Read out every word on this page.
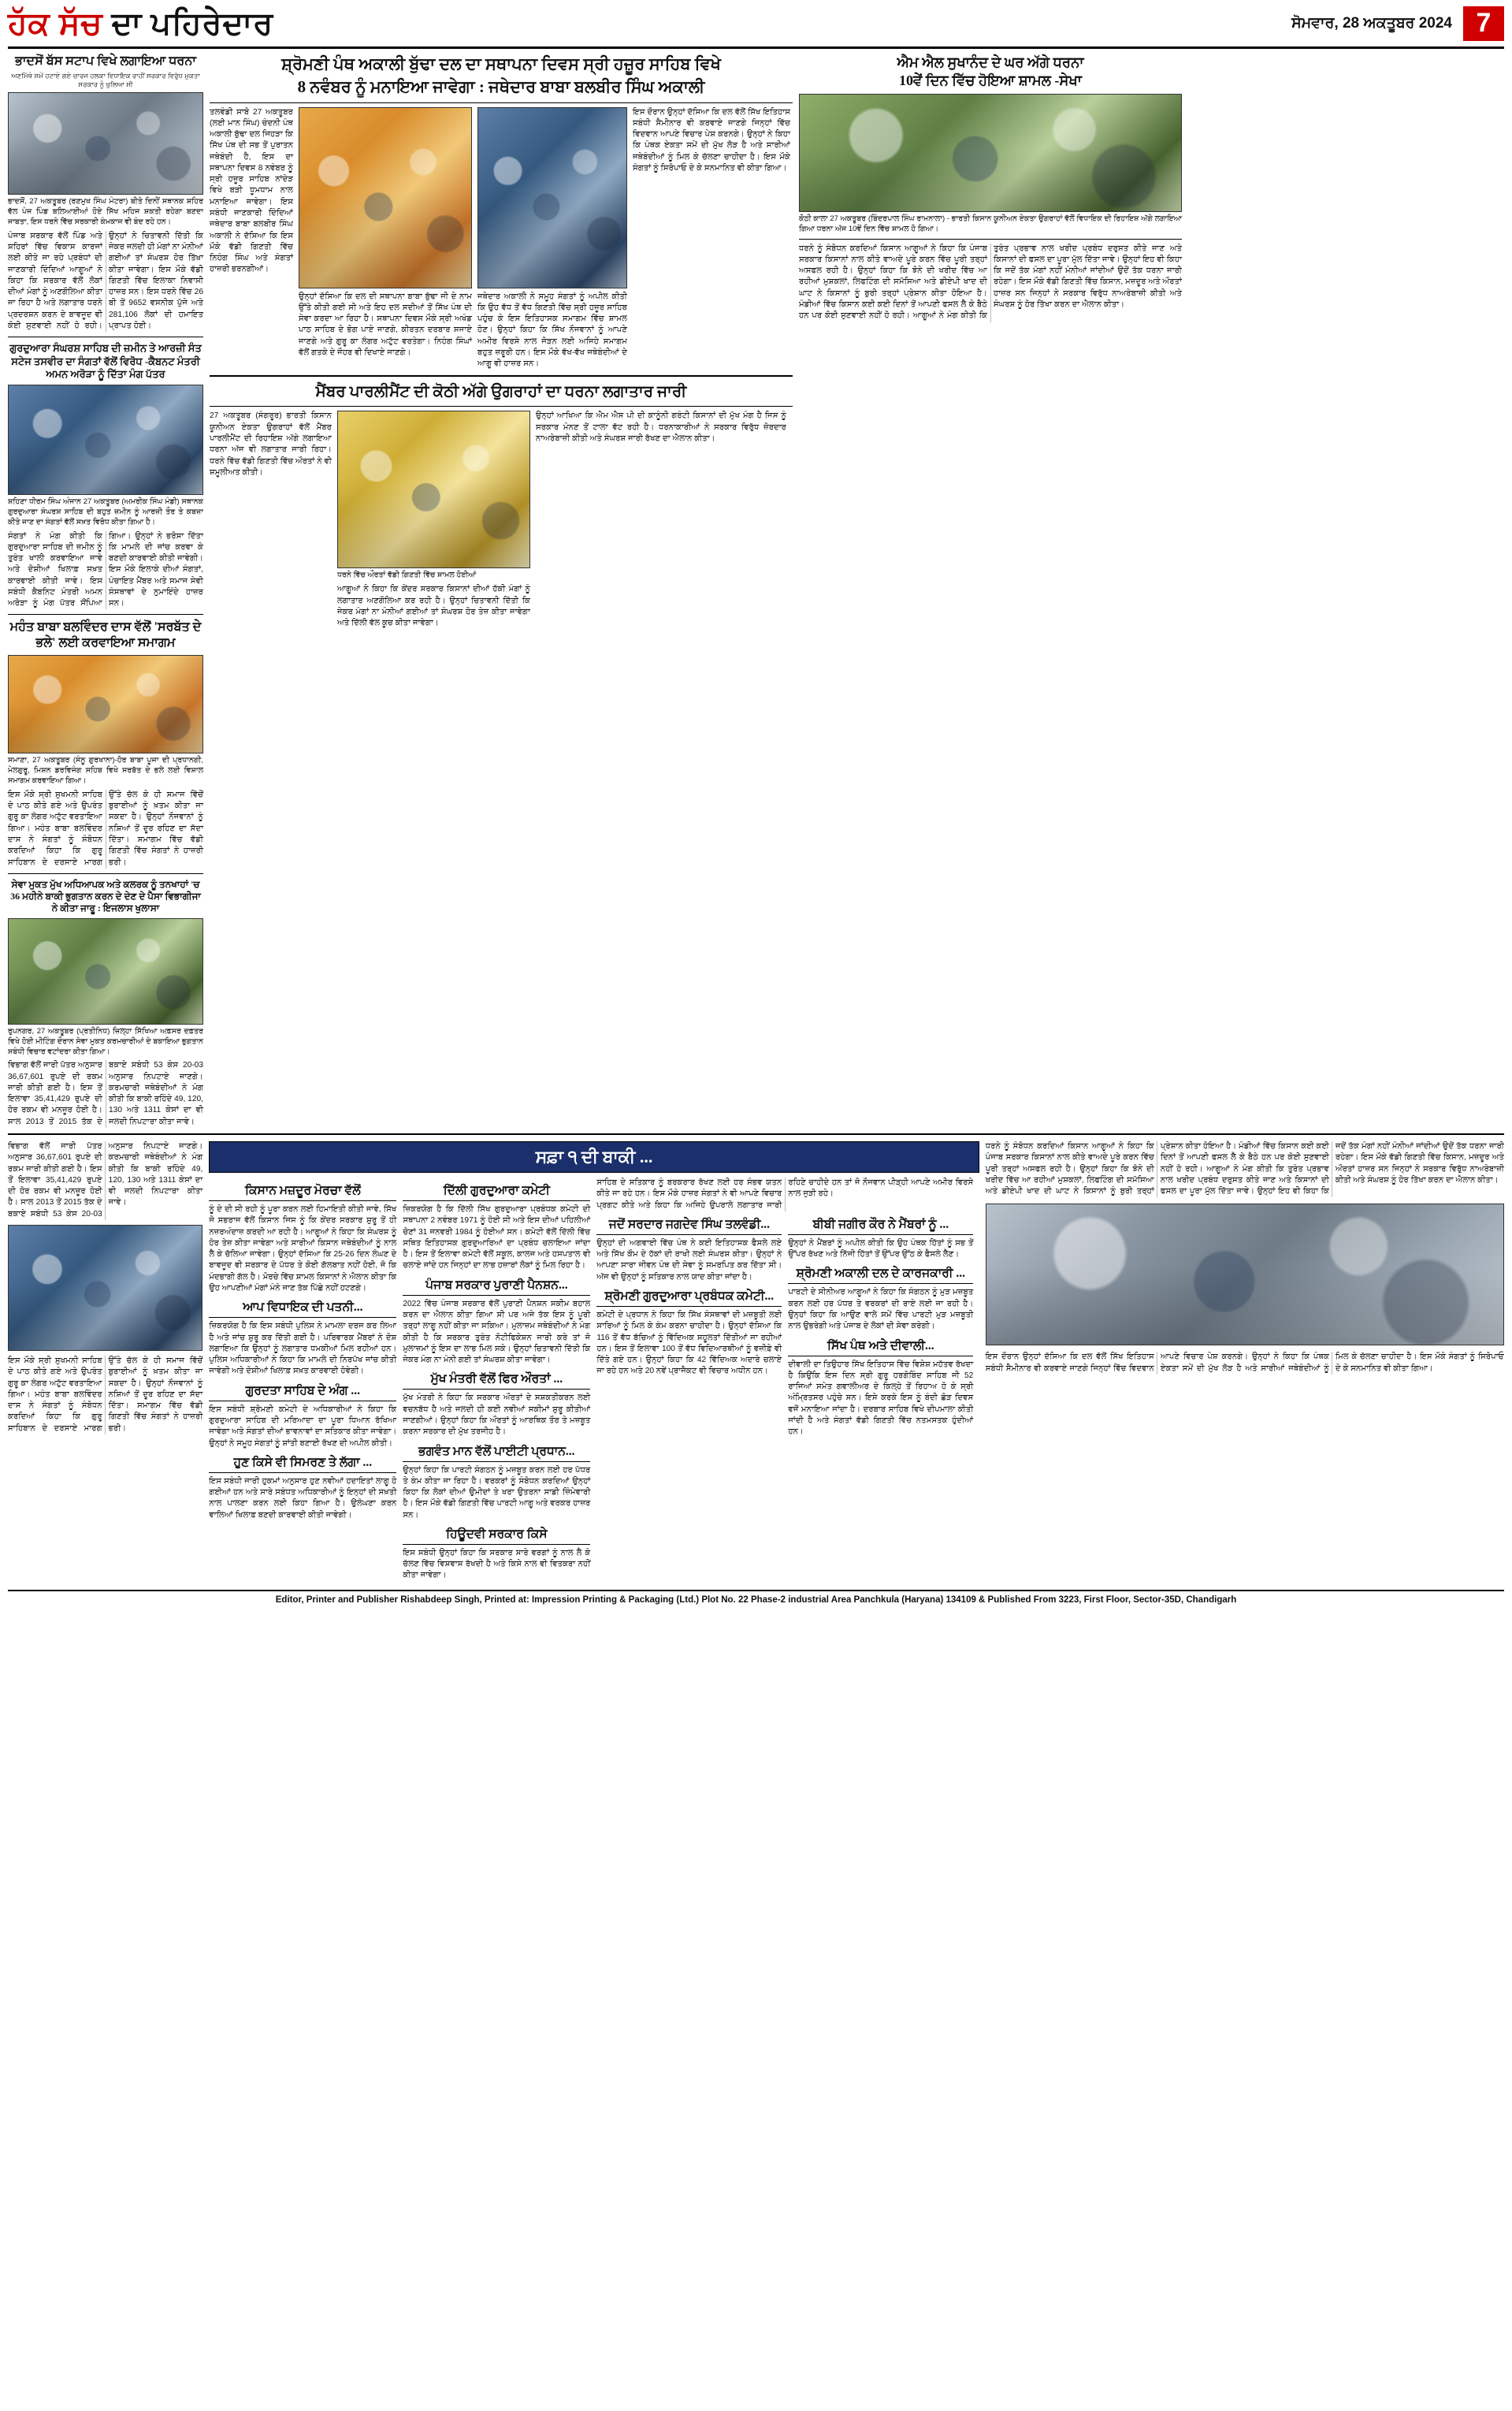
ਹੱਕ ਸੱਚ ਦਾ ਪਹਿਰੇਦਾਰ	ਸੋਮਵਾਰ, 28 ਅਕਤੂਬਰ 2024 7
ਭਾਦਸੋਂ ਬੱਸ ਸਟਾਪ ਵਿਖੇ ਲਗਾਇਆ ਧਰਨਾ
ਅਣਮਿੱਥੇ ਸਮੇਂ ਹਟਾਏ ਗਏ ਚਾਰਜ ਹਲਕਾ ਵਿਧਾਇਕ ਰਾਹੀਂ ਸਰਕਾਰ ਵਿਰੁੱਧ ਮੁਕਤਾ ਸਰਕਾਰ ਨੂੰ ਖੁਲਿਆ ਸੀ
ਭਾਦਸੋਂ, 27 ਅਕਤੂਬਰ (ਰਣਮੁਖ ਸਿੰਘ ਮੰਟਰਾ) ਬੀਤੇ ਦਿਨੀਂ ਸਥਾਨਕ ਸ਼ਹਿਰ ਵੱਲ ਪੰਜ ਪਿੰਡ ਬਲਿਆਈਆਂ ਹੋਏ ਸਿੱਖ ਮਹਿਜ ਸ਼ਕਤੀ ਰਹੇਗਾ ਬਣਦਾ ਜਾਬਤਾ, ਇਸ ਧਰਨੇ ਵਿੱਚ ਸਰਕਾਰੀ ਕੰਮਕਾਜ ਵੀ ਬੰਦ ਰਹੇ ਹਨ।
ਪੰਜਾਬ ਸਰਕਾਰ ਵੱਲੋਂ ਪਿੰਡ ਅਤੇ ਸ਼ਹਿਰਾਂ ਵਿੱਚ ਵਿਕਾਸ ਕਾਰਜਾਂ ਲਈ ਕੀਤੇ ਜਾ ਰਹੇ ਪ੍ਰਬੰਧਾਂ ਦੀ ਜਾਣਕਾਰੀ ਦਿੰਦਿਆਂ ਆਗੂਆਂ ਨੇ ਕਿਹਾ ਕਿ ਸਰਕਾਰ ਵੱਲੋਂ ਲੋਕਾਂ ਦੀਆਂ ਮੰਗਾਂ ਨੂੰ ਅਣਗੌਲਿਆ ਕੀਤਾ ਜਾ ਰਿਹਾ ਹੈ ਅਤੇ ਲਗਾਤਾਰ ਧਰਨੇ ਪ੍ਰਦਰਸ਼ਨ ਕਰਨ ਦੇ ਬਾਵਜੂਦ ਵੀ ਕੋਈ ਸੁਣਵਾਈ ਨਹੀਂ ਹੋ ਰਹੀ। ਉਨ੍ਹਾਂ ਨੇ ਚਿਤਾਵਨੀ ਦਿੱਤੀ ਕਿ ਜੇਕਰ ਜਲਦੀ ਹੀ ਮੰਗਾਂ ਨਾ ਮੰਨੀਆਂ ਗਈਆਂ ਤਾਂ ਸੰਘਰਸ਼ ਹੋਰ ਤਿੱਖਾ ਕੀਤਾ ਜਾਵੇਗਾ। ਇਸ ਮੌਕੇ ਵੱਡੀ ਗਿਣਤੀ ਵਿੱਚ ਇਲਾਕਾ ਨਿਵਾਸੀ ਹਾਜ਼ਰ ਸਨ। ਇਸ ਧਰਨੇ ਵਿੱਚ 26 ਬੀ ਤੋਂ 9652 ਵਸਨੀਕ ਪੁੱਜੇ ਅਤੇ 281,106 ਲੋਕਾਂ ਦੀ ਹਮਾਇਤ ਪ੍ਰਾਪਤ ਹੋਈ।
ਗੁਰਦੁਆਰਾ ਸੰਘਰਸ਼ ਸਾਹਿਬ ਦੀ ਜ਼ਮੀਨ ਤੇ ਆਰਜ਼ੀ ਸੰਤ ਸਟੇਜ ਤਸਵੀਰ ਦਾ ਸੰਗਤਾਂ ਵੱਲੋਂ ਵਿਰੋਧ -ਕੈਬਨਟ ਮੰਤਰੀ ਅਮਨ ਅਰੋੜਾ ਨੂੰ ਦਿੱਤਾ ਮੰਗ ਪੱਤਰ
ਸ਼ਹਿਣਾ ਧੀਰਮ ਸਿੰਘ ਅੰਜਾਨ 27 ਅਕਤੂਬਰ (ਅਮਰੀਕ ਸਿੰਘ ਮੰਡੀ) ਸਥਾਨਕ ਗੁਰਦੁਆਰਾ ਸੰਘਰਸ਼ ਸਾਹਿਬ ਦੀ ਬਹੁਤ ਜ਼ਮੀਨ ਨੂੰ ਆਰਜ਼ੀ ਤੌਰ ਤੇ ਕਬਜ਼ਾ ਕੀਤੇ ਜਾਣ ਦਾ ਸੰਗਤਾਂ ਵੱਲੋਂ ਸਖ਼ਤ ਵਿਰੋਧ ਕੀਤਾ ਗਿਆ ਹੈ।
ਸੰਗਤਾਂ ਨੇ ਮੰਗ ਕੀਤੀ ਕਿ ਗੁਰਦੁਆਰਾ ਸਾਹਿਬ ਦੀ ਜ਼ਮੀਨ ਨੂੰ ਤੁਰੰਤ ਖਾਲੀ ਕਰਵਾਇਆ ਜਾਵੇ ਅਤੇ ਦੋਸ਼ੀਆਂ ਖਿਲਾਫ਼ ਸਖ਼ਤ ਕਾਰਵਾਈ ਕੀਤੀ ਜਾਵੇ। ਇਸ ਸਬੰਧੀ ਕੈਬਨਿਟ ਮੰਤਰੀ ਅਮਨ ਅਰੋੜਾ ਨੂੰ ਮੰਗ ਪੱਤਰ ਸੌਂਪਿਆ ਗਿਆ। ਉਨ੍ਹਾਂ ਨੇ ਭਰੋਸਾ ਦਿੱਤਾ ਕਿ ਮਾਮਲੇ ਦੀ ਜਾਂਚ ਕਰਵਾ ਕੇ ਬਣਦੀ ਕਾਰਵਾਈ ਕੀਤੀ ਜਾਵੇਗੀ। ਇਸ ਮੌਕੇ ਇਲਾਕੇ ਦੀਆਂ ਸੰਗਤਾਂ, ਪੰਚਾਇਤ ਮੈਂਬਰ ਅਤੇ ਸਮਾਜ ਸੇਵੀ ਸੰਸਥਾਵਾਂ ਦੇ ਨੁਮਾਇੰਦੇ ਹਾਜ਼ਰ ਸਨ।
ਮਹੰਤ ਬਾਬਾ ਬਲਵਿੰਦਰ ਦਾਸ ਵੱਲੋਂ 'ਸਰਬੱਤ ਦੇ ਭਲੇ' ਲਈ ਕਰਵਾਇਆ ਸਮਾਗਮ
ਸਮਾਣਾ, 27 ਅਕਤੂਬਰ (ਸੰਨੂ ਗੁਰਖਾਨਾ)-ਹੋਰ ਬਾਬਾ ਪੂਜਾ ਦੀ ਪ੍ਰਧਾਨਗੀ, ਮੇਲਗੁਰੂ, ਮਿਸ਼ਨ ਡਰਵਿਜੰਗ ਸਹਿਬ ਵਿਖੇ ਸਰਬੱਤ ਦੇ ਭਲੇ ਲਈ ਵਿਸ਼ਾਲ ਸਮਾਗਮ ਕਰਵਾਇਆ ਗਿਆ।
ਇਸ ਮੌਕੇ ਸ੍ਰੀ ਸੁਖਮਨੀ ਸਾਹਿਬ ਦੇ ਪਾਠ ਕੀਤੇ ਗਏ ਅਤੇ ਉਪਰੰਤ ਗੁਰੂ ਕਾ ਲੰਗਰ ਅਟੁੱਟ ਵਰਤਾਇਆ ਗਿਆ। ਮਹੰਤ ਬਾਬਾ ਬਲਵਿੰਦਰ ਦਾਸ ਨੇ ਸੰਗਤਾਂ ਨੂੰ ਸੰਬੋਧਨ ਕਰਦਿਆਂ ਕਿਹਾ ਕਿ ਗੁਰੂ ਸਾਹਿਬਾਨ ਦੇ ਦਰਸਾਏ ਮਾਰਗ ਉੱਤੇ ਚੱਲ ਕੇ ਹੀ ਸਮਾਜ ਵਿੱਚੋਂ ਬੁਰਾਈਆਂ ਨੂੰ ਖ਼ਤਮ ਕੀਤਾ ਜਾ ਸਕਦਾ ਹੈ। ਉਨ੍ਹਾਂ ਨੌਜਵਾਨਾਂ ਨੂੰ ਨਸ਼ਿਆਂ ਤੋਂ ਦੂਰ ਰਹਿਣ ਦਾ ਸੱਦਾ ਦਿੱਤਾ। ਸਮਾਗਮ ਵਿੱਚ ਵੱਡੀ ਗਿਣਤੀ ਵਿੱਚ ਸੰਗਤਾਂ ਨੇ ਹਾਜ਼ਰੀ ਭਰੀ।
ਸੇਵਾ ਮੁਕਤ ਮੁੱਖ ਅਧਿਆਪਕ ਅਤੇ ਕਲਰਕ ਨੂੰ ਤਨਖਾਹਾਂ 'ਚ 36 ਮਹੀਨੇ ਬਾਕੀ ਭੁਗਤਾਨ ਕਰਨ ਦੇ ਦੇਣ ਦੇ ਪੈਸਾ ਵਿਭਾਗੀਜਾ ਨੇ ਕੀਤਾ ਜਾਰੂ : ਇਜਲਾਸ ਖੁਲਾਸਾ
ਰੁਪਨਗਰ, 27 ਅਕਤੂਬਰ (ਪ੍ਰਤੀਨਿਧ) ਜ਼ਿਲ੍ਹਾ ਸਿੱਖਿਆ ਅਫ਼ਸਰ ਦਫ਼ਤਰ ਵਿਖੇ ਹੋਈ ਮੀਟਿੰਗ ਦੌਰਾਨ ਸੇਵਾ ਮੁਕਤ ਕਰਮਚਾਰੀਆਂ ਦੇ ਬਕਾਇਆ ਭੁਗਤਾਨ ਸਬੰਧੀ ਵਿਚਾਰ ਵਟਾਂਦਰਾ ਕੀਤਾ ਗਿਆ।
ਵਿਭਾਗ ਵੱਲੋਂ ਜਾਰੀ ਪੱਤਰ ਅਨੁਸਾਰ 36,67,601 ਰੁਪਏ ਦੀ ਰਕਮ ਜਾਰੀ ਕੀਤੀ ਗਈ ਹੈ। ਇਸ ਤੋਂ ਇਲਾਵਾ 35,41,429 ਰੁਪਏ ਦੀ ਹੋਰ ਰਕਮ ਵੀ ਮਨਜ਼ੂਰ ਹੋਈ ਹੈ। ਸਾਲ 2013 ਤੋਂ 2015 ਤੱਕ ਦੇ ਬਕਾਏ ਸਬੰਧੀ 53 ਕੇਸ 20-03 ਅਨੁਸਾਰ ਨਿਪਟਾਏ ਜਾਣਗੇ। ਕਰਮਚਾਰੀ ਜਥੇਬੰਦੀਆਂ ਨੇ ਮੰਗ ਕੀਤੀ ਕਿ ਬਾਕੀ ਰਹਿੰਦੇ 49, 120, 130 ਅਤੇ 1311 ਕੇਸਾਂ ਦਾ ਵੀ ਜਲਦੀ ਨਿਪਟਾਰਾ ਕੀਤਾ ਜਾਵੇ।
ਸ਼੍ਰੋਮਣੀ ਪੰਥ ਅਕਾਲੀ ਬੁੱਢਾ ਦਲ ਦਾ ਸਥਾਪਨਾ ਦਿਵਸ ਸ੍ਰੀ ਹਜ਼ੂਰ ਸਾਹਿਬ ਵਿਖੇ
8 ਨਵੰਬਰ ਨੂੰ ਮਨਾਇਆ ਜਾਵੇਗਾ : ਜਥੇਦਾਰ ਬਾਬਾ ਬਲਬੀਰ ਸਿੰਘ ਅਕਾਲੀ
ਤਲਵੰਡੀ ਸਾਬੋ 27 ਅਕਤੂਬਰ (ਲਈ ਮਾਨ ਸਿੰਘ) ਚੰਦਨੀ ਪੰਥ ਅਕਾਲੀ ਬੁੱਢਾ ਦਲ ਜਿਹੜਾ ਕਿ ਸਿੱਖ ਪੰਥ ਦੀ ਸਭ ਤੋਂ ਪੁਰਾਤਨ ਜਥੇਬੰਦੀ ਹੈ, ਇਸ ਦਾ ਸਥਾਪਨਾ ਦਿਵਸ 8 ਨਵੰਬਰ ਨੂੰ ਸ੍ਰੀ ਹਜ਼ੂਰ ਸਾਹਿਬ ਨਾਂਦੇੜ ਵਿਖੇ ਬੜੀ ਧੂਮਧਾਮ ਨਾਲ ਮਨਾਇਆ ਜਾਵੇਗਾ। ਇਸ ਸਬੰਧੀ ਜਾਣਕਾਰੀ ਦਿੰਦਿਆਂ ਜਥੇਦਾਰ ਬਾਬਾ ਬਲਬੀਰ ਸਿੰਘ ਅਕਾਲੀ ਨੇ ਦੱਸਿਆ ਕਿ ਇਸ ਮੌਕੇ ਵੱਡੀ ਗਿਣਤੀ ਵਿੱਚ ਨਿਹੰਗ ਸਿੰਘ ਅਤੇ ਸੰਗਤਾਂ ਹਾਜ਼ਰੀ ਭਰਨਗੀਆਂ।
ਉਨ੍ਹਾਂ ਦੱਸਿਆ ਕਿ ਦਲ ਦੀ ਸਥਾਪਨਾ ਬਾਬਾ ਬੁੱਢਾ ਜੀ ਦੇ ਨਾਮ ਉੱਤੇ ਕੀਤੀ ਗਈ ਸੀ ਅਤੇ ਇਹ ਦਲ ਸਦੀਆਂ ਤੋਂ ਸਿੱਖ ਪੰਥ ਦੀ ਸੇਵਾ ਕਰਦਾ ਆ ਰਿਹਾ ਹੈ। ਸਥਾਪਨਾ ਦਿਵਸ ਮੌਕੇ ਸ੍ਰੀ ਅਖੰਡ ਪਾਠ ਸਾਹਿਬ ਦੇ ਭੋਗ ਪਾਏ ਜਾਣਗੇ, ਕੀਰਤਨ ਦਰਬਾਰ ਸਜਾਏ ਜਾਣਗੇ ਅਤੇ ਗੁਰੂ ਕਾ ਲੰਗਰ ਅਟੁੱਟ ਵਰਤੇਗਾ। ਨਿਹੰਗ ਸਿੰਘਾਂ ਵੱਲੋਂ ਗਤਕੇ ਦੇ ਜੌਹਰ ਵੀ ਦਿਖਾਏ ਜਾਣਗੇ।
ਜਥੇਦਾਰ ਅਕਾਲੀ ਨੇ ਸਮੂਹ ਸੰਗਤਾਂ ਨੂੰ ਅਪੀਲ ਕੀਤੀ ਕਿ ਉਹ ਵੱਧ ਤੋਂ ਵੱਧ ਗਿਣਤੀ ਵਿੱਚ ਸ੍ਰੀ ਹਜ਼ੂਰ ਸਾਹਿਬ ਪਹੁੰਚ ਕੇ ਇਸ ਇਤਿਹਾਸਕ ਸਮਾਗਮ ਵਿੱਚ ਸ਼ਾਮਲ ਹੋਣ। ਉਨ੍ਹਾਂ ਕਿਹਾ ਕਿ ਸਿੱਖ ਨੌਜਵਾਨਾਂ ਨੂੰ ਆਪਣੇ ਅਮੀਰ ਵਿਰਸੇ ਨਾਲ ਜੋੜਨ ਲਈ ਅਜਿਹੇ ਸਮਾਗਮ ਬਹੁਤ ਜ਼ਰੂਰੀ ਹਨ। ਇਸ ਮੌਕੇ ਵੱਖ-ਵੱਖ ਜਥੇਬੰਦੀਆਂ ਦੇ ਆਗੂ ਵੀ ਹਾਜ਼ਰ ਸਨ।
ਇਸ ਦੌਰਾਨ ਉਨ੍ਹਾਂ ਦੱਸਿਆ ਕਿ ਦਲ ਵੱਲੋਂ ਸਿੱਖ ਇਤਿਹਾਸ ਸਬੰਧੀ ਸੈਮੀਨਾਰ ਵੀ ਕਰਵਾਏ ਜਾਣਗੇ ਜਿਨ੍ਹਾਂ ਵਿੱਚ ਵਿਦਵਾਨ ਆਪਣੇ ਵਿਚਾਰ ਪੇਸ਼ ਕਰਨਗੇ। ਉਨ੍ਹਾਂ ਨੇ ਕਿਹਾ ਕਿ ਪੰਥਕ ਏਕਤਾ ਸਮੇਂ ਦੀ ਮੁੱਖ ਲੋੜ ਹੈ ਅਤੇ ਸਾਰੀਆਂ ਜਥੇਬੰਦੀਆਂ ਨੂੰ ਮਿਲ ਕੇ ਚੱਲਣਾ ਚਾਹੀਦਾ ਹੈ। ਇਸ ਮੌਕੇ ਸੰਗਤਾਂ ਨੂੰ ਸਿਰੋਪਾਓ ਦੇ ਕੇ ਸਨਮਾਨਿਤ ਵੀ ਕੀਤਾ ਗਿਆ।
ਮੈਂਬਰ ਪਾਰਲੀਮੈਂਟ ਦੀ ਕੋਠੀ ਅੱਗੇ ਉਗਰਾਹਾਂ ਦਾ ਧਰਨਾ ਲਗਾਤਾਰ ਜਾਰੀ
27 ਅਕਤੂਬਰ (ਸੰਗਰੂਰ) ਭਾਰਤੀ ਕਿਸਾਨ ਯੂਨੀਅਨ ਏਕਤਾ ਉਗਰਾਹਾਂ ਵੱਲੋਂ ਮੈਂਬਰ ਪਾਰਲੀਮੈਂਟ ਦੀ ਰਿਹਾਇਸ਼ ਅੱਗੇ ਲਗਾਇਆ ਧਰਨਾ ਅੱਜ ਵੀ ਲਗਾਤਾਰ ਜਾਰੀ ਰਿਹਾ। ਧਰਨੇ ਵਿੱਚ ਵੱਡੀ ਗਿਣਤੀ ਵਿੱਚ ਔਰਤਾਂ ਨੇ ਵੀ ਸ਼ਮੂਲੀਅਤ ਕੀਤੀ।
ਧਰਨੇ ਵਿੱਚ ਔਰਤਾਂ ਵੱਡੀ ਗਿਣਤੀ ਵਿੱਚ ਸ਼ਾਮਲ ਹੋਈਆਂ
ਆਗੂਆਂ ਨੇ ਕਿਹਾ ਕਿ ਕੇਂਦਰ ਸਰਕਾਰ ਕਿਸਾਨਾਂ ਦੀਆਂ ਹੱਕੀ ਮੰਗਾਂ ਨੂੰ ਲਗਾਤਾਰ ਅਣਗੌਲਿਆ ਕਰ ਰਹੀ ਹੈ। ਉਨ੍ਹਾਂ ਚਿਤਾਵਨੀ ਦਿੱਤੀ ਕਿ ਜੇਕਰ ਮੰਗਾਂ ਨਾ ਮੰਨੀਆਂ ਗਈਆਂ ਤਾਂ ਸੰਘਰਸ਼ ਹੋਰ ਤੇਜ਼ ਕੀਤਾ ਜਾਵੇਗਾ ਅਤੇ ਦਿੱਲੀ ਵੱਲ ਕੂਚ ਕੀਤਾ ਜਾਵੇਗਾ।
ਉਨ੍ਹਾਂ ਆਖਿਆ ਕਿ ਐਮ ਐਸ ਪੀ ਦੀ ਕਾਨੂੰਨੀ ਗਰੰਟੀ ਕਿਸਾਨਾਂ ਦੀ ਮੁੱਖ ਮੰਗ ਹੈ ਜਿਸ ਨੂੰ ਸਰਕਾਰ ਮੰਨਣ ਤੋਂ ਟਾਲਾ ਵੱਟ ਰਹੀ ਹੈ। ਧਰਨਾਕਾਰੀਆਂ ਨੇ ਸਰਕਾਰ ਵਿਰੁੱਧ ਜ਼ੋਰਦਾਰ ਨਾਅਰੇਬਾਜ਼ੀ ਕੀਤੀ ਅਤੇ ਸੰਘਰਸ਼ ਜਾਰੀ ਰੱਖਣ ਦਾ ਐਲਾਨ ਕੀਤਾ।
ਐਮ ਐਲ ਸੁਖਾਨੰਦ ਦੇ ਘਰ ਅੱਗੇ ਧਰਨਾ
10ਵੇਂ ਦਿਨ ਵਿੱਚ ਹੋਇਆ ਸ਼ਾਮਲ -ਸੇਖਾ
ਕੋਠੀ ਕਾਲਾ 27 ਅਕਤੂਬਰ (ਬਿੰਦਰਪਾਲ ਸਿੰਘ ਰਾਮਨਾਲਾ) - ਭਾਰਤੀ ਕਿਸਾਨ ਯੂਨੀਅਨ ਏਕਤਾ ਉਗਰਾਹਾਂ ਵੱਲੋਂ ਵਿਧਾਇਕ ਦੀ ਰਿਹਾਇਸ਼ ਅੱਗੇ ਲਗਾਇਆ ਗਿਆ ਧਰਨਾ ਅੱਜ 10ਵੇਂ ਦਿਨ ਵਿੱਚ ਸ਼ਾਮਲ ਹੋ ਗਿਆ।
ਧਰਨੇ ਨੂੰ ਸੰਬੋਧਨ ਕਰਦਿਆਂ ਕਿਸਾਨ ਆਗੂਆਂ ਨੇ ਕਿਹਾ ਕਿ ਪੰਜਾਬ ਸਰਕਾਰ ਕਿਸਾਨਾਂ ਨਾਲ ਕੀਤੇ ਵਾਅਦੇ ਪੂਰੇ ਕਰਨ ਵਿੱਚ ਪੂਰੀ ਤਰ੍ਹਾਂ ਅਸਫਲ ਰਹੀ ਹੈ। ਉਨ੍ਹਾਂ ਕਿਹਾ ਕਿ ਝੋਨੇ ਦੀ ਖਰੀਦ ਵਿੱਚ ਆ ਰਹੀਆਂ ਮੁਸ਼ਕਲਾਂ, ਲਿਫਟਿੰਗ ਦੀ ਸਮੱਸਿਆ ਅਤੇ ਡੀਏਪੀ ਖਾਦ ਦੀ ਘਾਟ ਨੇ ਕਿਸਾਨਾਂ ਨੂੰ ਬੁਰੀ ਤਰ੍ਹਾਂ ਪ੍ਰੇਸ਼ਾਨ ਕੀਤਾ ਹੋਇਆ ਹੈ। ਮੰਡੀਆਂ ਵਿੱਚ ਕਿਸਾਨ ਕਈ ਕਈ ਦਿਨਾਂ ਤੋਂ ਆਪਣੀ ਫਸਲ ਲੈ ਕੇ ਬੈਠੇ ਹਨ ਪਰ ਕੋਈ ਸੁਣਵਾਈ ਨਹੀਂ ਹੋ ਰਹੀ। ਆਗੂਆਂ ਨੇ ਮੰਗ ਕੀਤੀ ਕਿ ਤੁਰੰਤ ਪ੍ਰਭਾਵ ਨਾਲ ਖਰੀਦ ਪ੍ਰਬੰਧ ਦਰੁਸਤ ਕੀਤੇ ਜਾਣ ਅਤੇ ਕਿਸਾਨਾਂ ਦੀ ਫਸਲ ਦਾ ਪੂਰਾ ਮੁੱਲ ਦਿੱਤਾ ਜਾਵੇ। ਉਨ੍ਹਾਂ ਇਹ ਵੀ ਕਿਹਾ ਕਿ ਜਦੋਂ ਤੱਕ ਮੰਗਾਂ ਨਹੀਂ ਮੰਨੀਆਂ ਜਾਂਦੀਆਂ ਉਦੋਂ ਤੱਕ ਧਰਨਾ ਜਾਰੀ ਰਹੇਗਾ। ਇਸ ਮੌਕੇ ਵੱਡੀ ਗਿਣਤੀ ਵਿੱਚ ਕਿਸਾਨ, ਮਜ਼ਦੂਰ ਅਤੇ ਔਰਤਾਂ ਹਾਜ਼ਰ ਸਨ ਜਿਨ੍ਹਾਂ ਨੇ ਸਰਕਾਰ ਵਿਰੁੱਧ ਨਾਅਰੇਬਾਜ਼ੀ ਕੀਤੀ ਅਤੇ ਸੰਘਰਸ਼ ਨੂੰ ਹੋਰ ਤਿੱਖਾ ਕਰਨ ਦਾ ਐਲਾਨ ਕੀਤਾ।
ਵਿਭਾਗ ਵੱਲੋਂ ਜਾਰੀ ਪੱਤਰ ਅਨੁਸਾਰ 36,67,601 ਰੁਪਏ ਦੀ ਰਕਮ ਜਾਰੀ ਕੀਤੀ ਗਈ ਹੈ। ਇਸ ਤੋਂ ਇਲਾਵਾ 35,41,429 ਰੁਪਏ ਦੀ ਹੋਰ ਰਕਮ ਵੀ ਮਨਜ਼ੂਰ ਹੋਈ ਹੈ। ਸਾਲ 2013 ਤੋਂ 2015 ਤੱਕ ਦੇ ਬਕਾਏ ਸਬੰਧੀ 53 ਕੇਸ 20-03 ਅਨੁਸਾਰ ਨਿਪਟਾਏ ਜਾਣਗੇ। ਕਰਮਚਾਰੀ ਜਥੇਬੰਦੀਆਂ ਨੇ ਮੰਗ ਕੀਤੀ ਕਿ ਬਾਕੀ ਰਹਿੰਦੇ 49, 120, 130 ਅਤੇ 1311 ਕੇਸਾਂ ਦਾ ਵੀ ਜਲਦੀ ਨਿਪਟਾਰਾ ਕੀਤਾ ਜਾਵੇ।
ਇਸ ਮੌਕੇ ਸ੍ਰੀ ਸੁਖਮਨੀ ਸਾਹਿਬ ਦੇ ਪਾਠ ਕੀਤੇ ਗਏ ਅਤੇ ਉਪਰੰਤ ਗੁਰੂ ਕਾ ਲੰਗਰ ਅਟੁੱਟ ਵਰਤਾਇਆ ਗਿਆ। ਮਹੰਤ ਬਾਬਾ ਬਲਵਿੰਦਰ ਦਾਸ ਨੇ ਸੰਗਤਾਂ ਨੂੰ ਸੰਬੋਧਨ ਕਰਦਿਆਂ ਕਿਹਾ ਕਿ ਗੁਰੂ ਸਾਹਿਬਾਨ ਦੇ ਦਰਸਾਏ ਮਾਰਗ ਉੱਤੇ ਚੱਲ ਕੇ ਹੀ ਸਮਾਜ ਵਿੱਚੋਂ ਬੁਰਾਈਆਂ ਨੂੰ ਖ਼ਤਮ ਕੀਤਾ ਜਾ ਸਕਦਾ ਹੈ। ਉਨ੍ਹਾਂ ਨੌਜਵਾਨਾਂ ਨੂੰ ਨਸ਼ਿਆਂ ਤੋਂ ਦੂਰ ਰਹਿਣ ਦਾ ਸੱਦਾ ਦਿੱਤਾ। ਸਮਾਗਮ ਵਿੱਚ ਵੱਡੀ ਗਿਣਤੀ ਵਿੱਚ ਸੰਗਤਾਂ ਨੇ ਹਾਜ਼ਰੀ ਭਰੀ।
ਸਫ਼ਾ ੧ ਦੀ ਬਾਕੀ ...
ਕਿਸਾਨ ਮਜ਼ਦੂਰ ਮੋਰਚਾ ਵੱਲੋਂ
ਨੂੰ ਦੇ ਦੀ ਸੀ ਰਹੀ ਨੂੰ ਪੂਰਾ ਕਰਨ ਲਈ ਹਿਮਾਇਤੀ ਕੀਤੀ ਜਾਵੇ, ਸਿੱਖ ਜੋ ਸਭਰਾਜ ਵੱਲੋਂ ਕਿਸਾਨ ਜਿਸ ਨੂੰ ਕਿ ਕੇਂਦਰ ਸਰਕਾਰ ਸ਼ੁਰੂ ਤੋਂ ਹੀ ਨਜ਼ਰਅੰਦਾਜ਼ ਕਰਦੀ ਆ ਰਹੀ ਹੈ। ਆਗੂਆਂ ਨੇ ਕਿਹਾ ਕਿ ਸੰਘਰਸ਼ ਨੂੰ ਹੋਰ ਤੇਜ਼ ਕੀਤਾ ਜਾਵੇਗਾ ਅਤੇ ਸਾਰੀਆਂ ਕਿਸਾਨ ਜਥੇਬੰਦੀਆਂ ਨੂੰ ਨਾਲ ਲੈ ਕੇ ਚੱਲਿਆ ਜਾਵੇਗਾ। ਉਨ੍ਹਾਂ ਦੱਸਿਆ ਕਿ 25-26 ਦਿਨ ਲੰਘਣ ਦੇ ਬਾਵਜੂਦ ਵੀ ਸਰਕਾਰ ਦੇ ਪੱਧਰ ਤੇ ਕੋਈ ਗੱਲਬਾਤ ਨਹੀਂ ਹੋਈ, ਜੋ ਕਿ ਮੰਦਭਾਗੀ ਗੱਲ ਹੈ। ਮੋਰਚੇ ਵਿੱਚ ਸ਼ਾਮਲ ਕਿਸਾਨਾਂ ਨੇ ਐਲਾਨ ਕੀਤਾ ਕਿ ਉਹ ਆਪਣੀਆਂ ਮੰਗਾਂ ਮੰਨੇ ਜਾਣ ਤੱਕ ਪਿੱਛੇ ਨਹੀਂ ਹਟਣਗੇ।
ਆਪ ਵਿਧਾਇਕ ਦੀ ਪਤਨੀ...
ਜ਼ਿਕਰਯੋਗ ਹੈ ਕਿ ਇਸ ਸਬੰਧੀ ਪੁਲਿਸ ਨੇ ਮਾਮਲਾ ਦਰਜ ਕਰ ਲਿਆ ਹੈ ਅਤੇ ਜਾਂਚ ਸ਼ੁਰੂ ਕਰ ਦਿੱਤੀ ਗਈ ਹੈ। ਪਰਿਵਾਰਕ ਮੈਂਬਰਾਂ ਨੇ ਦੋਸ਼ ਲਗਾਇਆ ਕਿ ਉਨ੍ਹਾਂ ਨੂੰ ਲਗਾਤਾਰ ਧਮਕੀਆਂ ਮਿਲ ਰਹੀਆਂ ਹਨ। ਪੁਲਿਸ ਅਧਿਕਾਰੀਆਂ ਨੇ ਕਿਹਾ ਕਿ ਮਾਮਲੇ ਦੀ ਨਿਰਪੱਖ ਜਾਂਚ ਕੀਤੀ ਜਾਵੇਗੀ ਅਤੇ ਦੋਸ਼ੀਆਂ ਖਿਲਾਫ਼ ਸਖ਼ਤ ਕਾਰਵਾਈ ਹੋਵੇਗੀ।
ਗੁਰਦਤਾ ਸਾਹਿਬ ਦੇ ਅੰਗ ...
ਇਸ ਸਬੰਧੀ ਸ਼੍ਰੋਮਣੀ ਕਮੇਟੀ ਦੇ ਅਧਿਕਾਰੀਆਂ ਨੇ ਕਿਹਾ ਕਿ ਗੁਰਦੁਆਰਾ ਸਾਹਿਬ ਦੀ ਮਰਿਆਦਾ ਦਾ ਪੂਰਾ ਧਿਆਨ ਰੱਖਿਆ ਜਾਵੇਗਾ ਅਤੇ ਸੰਗਤਾਂ ਦੀਆਂ ਭਾਵਨਾਵਾਂ ਦਾ ਸਤਿਕਾਰ ਕੀਤਾ ਜਾਵੇਗਾ। ਉਨ੍ਹਾਂ ਨੇ ਸਮੂਹ ਸੰਗਤਾਂ ਨੂੰ ਸ਼ਾਂਤੀ ਬਣਾਈ ਰੱਖਣ ਦੀ ਅਪੀਲ ਕੀਤੀ।
ਹੁਣ ਕਿਸੇ ਵੀ ਸਿਮਰਣ ਤੇ ਲੱਗਾ ...
ਇਸ ਸਬੰਧੀ ਜਾਰੀ ਹੁਕਮਾਂ ਅਨੁਸਾਰ ਹੁਣ ਨਵੀਆਂ ਹਦਾਇਤਾਂ ਲਾਗੂ ਹੋ ਗਈਆਂ ਹਨ ਅਤੇ ਸਾਰੇ ਸਬੰਧਤ ਅਧਿਕਾਰੀਆਂ ਨੂੰ ਇਨ੍ਹਾਂ ਦੀ ਸਖ਼ਤੀ ਨਾਲ ਪਾਲਣਾ ਕਰਨ ਲਈ ਕਿਹਾ ਗਿਆ ਹੈ। ਉਲੰਘਣਾ ਕਰਨ ਵਾਲਿਆਂ ਖਿਲਾਫ਼ ਬਣਦੀ ਕਾਰਵਾਈ ਕੀਤੀ ਜਾਵੇਗੀ।
ਦਿੱਲੀ ਗੁਰਦੁਆਰਾ ਕਮੇਟੀ
ਜ਼ਿਕਰਯੋਗ ਹੈ ਕਿ ਦਿੱਲੀ ਸਿੱਖ ਗੁਰਦੁਆਰਾ ਪ੍ਰਬੰਧਕ ਕਮੇਟੀ ਦੀ ਸਥਾਪਨਾ 2 ਨਵੰਬਰ 1971 ਨੂੰ ਹੋਈ ਸੀ ਅਤੇ ਇਸ ਦੀਆਂ ਪਹਿਲੀਆਂ ਚੋਣਾਂ 31 ਜਨਵਰੀ 1984 ਨੂੰ ਹੋਈਆਂ ਸਨ। ਕਮੇਟੀ ਵੱਲੋਂ ਦਿੱਲੀ ਵਿੱਚ ਸਥਿਤ ਇਤਿਹਾਸਕ ਗੁਰਦੁਆਰਿਆਂ ਦਾ ਪ੍ਰਬੰਧ ਚਲਾਇਆ ਜਾਂਦਾ ਹੈ। ਇਸ ਤੋਂ ਇਲਾਵਾ ਕਮੇਟੀ ਵੱਲੋਂ ਸਕੂਲ, ਕਾਲਜ ਅਤੇ ਹਸਪਤਾਲ ਵੀ ਚਲਾਏ ਜਾਂਦੇ ਹਨ ਜਿਨ੍ਹਾਂ ਦਾ ਲਾਭ ਹਜ਼ਾਰਾਂ ਲੋਕਾਂ ਨੂੰ ਮਿਲ ਰਿਹਾ ਹੈ।
ਪੰਜਾਬ ਸਰਕਾਰ ਪੁਰਾਣੀ ਪੈਨਸ਼ਨ...
2022 ਵਿੱਚ ਪੰਜਾਬ ਸਰਕਾਰ ਵੱਲੋਂ ਪੁਰਾਣੀ ਪੈਨਸ਼ਨ ਸਕੀਮ ਬਹਾਲ ਕਰਨ ਦਾ ਐਲਾਨ ਕੀਤਾ ਗਿਆ ਸੀ ਪਰ ਅਜੇ ਤੱਕ ਇਸ ਨੂੰ ਪੂਰੀ ਤਰ੍ਹਾਂ ਲਾਗੂ ਨਹੀਂ ਕੀਤਾ ਜਾ ਸਕਿਆ। ਮੁਲਾਜ਼ਮ ਜਥੇਬੰਦੀਆਂ ਨੇ ਮੰਗ ਕੀਤੀ ਹੈ ਕਿ ਸਰਕਾਰ ਤੁਰੰਤ ਨੋਟੀਫਿਕੇਸ਼ਨ ਜਾਰੀ ਕਰੇ ਤਾਂ ਜੋ ਮੁਲਾਜ਼ਮਾਂ ਨੂੰ ਇਸ ਦਾ ਲਾਭ ਮਿਲ ਸਕੇ। ਉਨ੍ਹਾਂ ਚਿਤਾਵਨੀ ਦਿੱਤੀ ਕਿ ਜੇਕਰ ਮੰਗ ਨਾ ਮੰਨੀ ਗਈ ਤਾਂ ਸੰਘਰਸ਼ ਕੀਤਾ ਜਾਵੇਗਾ।
ਮੁੱਖ ਮੰਤਰੀ ਵੱਲੋਂ ਫਿਰ ਔਰਤਾਂ ...
ਮੁੱਖ ਮੰਤਰੀ ਨੇ ਕਿਹਾ ਕਿ ਸਰਕਾਰ ਔਰਤਾਂ ਦੇ ਸਸ਼ਕਤੀਕਰਨ ਲਈ ਵਚਨਬੱਧ ਹੈ ਅਤੇ ਜਲਦੀ ਹੀ ਕਈ ਨਵੀਆਂ ਸਕੀਮਾਂ ਸ਼ੁਰੂ ਕੀਤੀਆਂ ਜਾਣਗੀਆਂ। ਉਨ੍ਹਾਂ ਕਿਹਾ ਕਿ ਔਰਤਾਂ ਨੂੰ ਆਰਥਿਕ ਤੌਰ ਤੇ ਮਜ਼ਬੂਤ ਕਰਨਾ ਸਰਕਾਰ ਦੀ ਮੁੱਖ ਤਰਜੀਹ ਹੈ।
ਭਗਵੰਤ ਮਾਨ ਵੱਲੋਂ ਪਾਈਟੀ ਪ੍ਰਧਾਨ...
ਉਨ੍ਹਾਂ ਕਿਹਾ ਕਿ ਪਾਰਟੀ ਸੰਗਠਨ ਨੂੰ ਮਜ਼ਬੂਤ ਕਰਨ ਲਈ ਹਰ ਪੱਧਰ ਤੇ ਕੰਮ ਕੀਤਾ ਜਾ ਰਿਹਾ ਹੈ। ਵਰਕਰਾਂ ਨੂੰ ਸੰਬੋਧਨ ਕਰਦਿਆਂ ਉਨ੍ਹਾਂ ਕਿਹਾ ਕਿ ਲੋਕਾਂ ਦੀਆਂ ਉਮੀਦਾਂ ਤੇ ਖਰਾ ਉਤਰਨਾ ਸਾਡੀ ਜ਼ਿੰਮੇਵਾਰੀ ਹੈ। ਇਸ ਮੌਕੇ ਵੱਡੀ ਗਿਣਤੀ ਵਿੱਚ ਪਾਰਟੀ ਆਗੂ ਅਤੇ ਵਰਕਰ ਹਾਜ਼ਰ ਸਨ।
ਹਿਊਦਵੀ ਸਰਕਾਰ ਕਿਸੇ
ਇਸ ਸਬੰਧੀ ਉਨ੍ਹਾਂ ਕਿਹਾ ਕਿ ਸਰਕਾਰ ਸਾਰੇ ਵਰਗਾਂ ਨੂੰ ਨਾਲ ਲੈ ਕੇ ਚੱਲਣ ਵਿੱਚ ਵਿਸ਼ਵਾਸ ਰੱਖਦੀ ਹੈ ਅਤੇ ਕਿਸੇ ਨਾਲ ਵੀ ਵਿਤਕਰਾ ਨਹੀਂ ਕੀਤਾ ਜਾਵੇਗਾ।
ਸਾਹਿਬ ਦੇ ਸਤਿਕਾਰ ਨੂੰ ਬਰਕਰਾਰ ਰੱਖਣ ਲਈ ਹਰ ਸੰਭਵ ਯਤਨ ਕੀਤੇ ਜਾ ਰਹੇ ਹਨ। ਇਸ ਮੌਕੇ ਹਾਜ਼ਰ ਸੰਗਤਾਂ ਨੇ ਵੀ ਆਪਣੇ ਵਿਚਾਰ ਪ੍ਰਗਟ ਕੀਤੇ ਅਤੇ ਕਿਹਾ ਕਿ ਅਜਿਹੇ ਉਪਰਾਲੇ ਲਗਾਤਾਰ ਜਾਰੀ ਰਹਿਣੇ ਚਾਹੀਦੇ ਹਨ ਤਾਂ ਜੋ ਨੌਜਵਾਨ ਪੀੜ੍ਹੀ ਆਪਣੇ ਅਮੀਰ ਵਿਰਸੇ ਨਾਲ ਜੁੜੀ ਰਹੇ।
ਜਦੋਂ ਸਰਦਾਰ ਜਗਦੇਵ ਸਿੰਘ ਤਲਵੰਡੀ...
ਉਨ੍ਹਾਂ ਦੀ ਅਗਵਾਈ ਵਿੱਚ ਪੰਥ ਨੇ ਕਈ ਇਤਿਹਾਸਕ ਫੈਸਲੇ ਲਏ ਅਤੇ ਸਿੱਖ ਕੌਮ ਦੇ ਹੱਕਾਂ ਦੀ ਰਾਖੀ ਲਈ ਸੰਘਰਸ਼ ਕੀਤਾ। ਉਨ੍ਹਾਂ ਨੇ ਆਪਣਾ ਸਾਰਾ ਜੀਵਨ ਪੰਥ ਦੀ ਸੇਵਾ ਨੂੰ ਸਮਰਪਿਤ ਕਰ ਦਿੱਤਾ ਸੀ। ਅੱਜ ਵੀ ਉਨ੍ਹਾਂ ਨੂੰ ਸਤਿਕਾਰ ਨਾਲ ਯਾਦ ਕੀਤਾ ਜਾਂਦਾ ਹੈ।
ਸ਼੍ਰੋਮਣੀ ਗੁਰਦੁਆਰਾ ਪ੍ਰਬੰਧਕ ਕਮੇਟੀ...
ਕਮੇਟੀ ਦੇ ਪ੍ਰਧਾਨ ਨੇ ਕਿਹਾ ਕਿ ਸਿੱਖ ਸੰਸਥਾਵਾਂ ਦੀ ਮਜ਼ਬੂਤੀ ਲਈ ਸਾਰਿਆਂ ਨੂੰ ਮਿਲ ਕੇ ਕੰਮ ਕਰਨਾ ਚਾਹੀਦਾ ਹੈ। ਉਨ੍ਹਾਂ ਦੱਸਿਆ ਕਿ 116 ਤੋਂ ਵੱਧ ਬੱਚਿਆਂ ਨੂੰ ਵਿੱਦਿਅਕ ਸਹੂਲਤਾਂ ਦਿੱਤੀਆਂ ਜਾ ਰਹੀਆਂ ਹਨ। ਇਸ ਤੋਂ ਇਲਾਵਾ 100 ਤੋਂ ਵੱਧ ਵਿਦਿਆਰਥੀਆਂ ਨੂੰ ਵਜ਼ੀਫ਼ੇ ਵੀ ਦਿੱਤੇ ਗਏ ਹਨ। ਉਨ੍ਹਾਂ ਕਿਹਾ ਕਿ 42 ਵਿੱਦਿਅਕ ਅਦਾਰੇ ਚਲਾਏ ਜਾ ਰਹੇ ਹਨ ਅਤੇ 20 ਨਵੇਂ ਪ੍ਰਾਜੈਕਟ ਵੀ ਵਿਚਾਰ ਅਧੀਨ ਹਨ।
ਬੀਬੀ ਜਗੀਰ ਕੌਰ ਨੇ ਮੈਂਬਰਾਂ ਨੂੰ ...
ਉਨ੍ਹਾਂ ਨੇ ਮੈਂਬਰਾਂ ਨੂੰ ਅਪੀਲ ਕੀਤੀ ਕਿ ਉਹ ਪੰਥਕ ਹਿੱਤਾਂ ਨੂੰ ਸਭ ਤੋਂ ਉੱਪਰ ਰੱਖਣ ਅਤੇ ਨਿੱਜੀ ਹਿੱਤਾਂ ਤੋਂ ਉੱਪਰ ਉੱਠ ਕੇ ਫੈਸਲੇ ਲੈਣ।
ਸ਼੍ਰੋਮਣੀ ਅਕਾਲੀ ਦਲ ਦੇ ਕਾਰਜਕਾਰੀ ...
ਪਾਰਟੀ ਦੇ ਸੀਨੀਅਰ ਆਗੂਆਂ ਨੇ ਕਿਹਾ ਕਿ ਸੰਗਠਨ ਨੂੰ ਮੁੜ ਮਜ਼ਬੂਤ ਕਰਨ ਲਈ ਹਰ ਪੱਧਰ ਤੇ ਵਰਕਰਾਂ ਦੀ ਰਾਏ ਲਈ ਜਾ ਰਹੀ ਹੈ। ਉਨ੍ਹਾਂ ਕਿਹਾ ਕਿ ਆਉਣ ਵਾਲੇ ਸਮੇਂ ਵਿੱਚ ਪਾਰਟੀ ਮੁੜ ਮਜ਼ਬੂਤੀ ਨਾਲ ਉਭਰੇਗੀ ਅਤੇ ਪੰਜਾਬ ਦੇ ਲੋਕਾਂ ਦੀ ਸੇਵਾ ਕਰੇਗੀ।
ਸਿੱਖ ਪੰਥ ਅਤੇ ਦੀਵਾਲੀ...
ਦੀਵਾਲੀ ਦਾ ਤਿਉਹਾਰ ਸਿੱਖ ਇਤਿਹਾਸ ਵਿੱਚ ਵਿਸ਼ੇਸ਼ ਮਹੱਤਵ ਰੱਖਦਾ ਹੈ ਕਿਉਂਕਿ ਇਸ ਦਿਨ ਸ੍ਰੀ ਗੁਰੂ ਹਰਗੋਬਿੰਦ ਸਾਹਿਬ ਜੀ 52 ਰਾਜਿਆਂ ਸਮੇਤ ਗਵਾਲੀਅਰ ਦੇ ਕਿਲ੍ਹੇ ਤੋਂ ਰਿਹਾਅ ਹੋ ਕੇ ਸ੍ਰੀ ਅੰਮ੍ਰਿਤਸਰ ਪਹੁੰਚੇ ਸਨ। ਇਸੇ ਕਰਕੇ ਇਸ ਨੂੰ ਬੰਦੀ ਛੋੜ ਦਿਵਸ ਵਜੋਂ ਮਨਾਇਆ ਜਾਂਦਾ ਹੈ। ਦਰਬਾਰ ਸਾਹਿਬ ਵਿਖੇ ਦੀਪਮਾਲਾ ਕੀਤੀ ਜਾਂਦੀ ਹੈ ਅਤੇ ਸੰਗਤਾਂ ਵੱਡੀ ਗਿਣਤੀ ਵਿੱਚ ਨਤਮਸਤਕ ਹੁੰਦੀਆਂ ਹਨ।
ਧਰਨੇ ਨੂੰ ਸੰਬੋਧਨ ਕਰਦਿਆਂ ਕਿਸਾਨ ਆਗੂਆਂ ਨੇ ਕਿਹਾ ਕਿ ਪੰਜਾਬ ਸਰਕਾਰ ਕਿਸਾਨਾਂ ਨਾਲ ਕੀਤੇ ਵਾਅਦੇ ਪੂਰੇ ਕਰਨ ਵਿੱਚ ਪੂਰੀ ਤਰ੍ਹਾਂ ਅਸਫਲ ਰਹੀ ਹੈ। ਉਨ੍ਹਾਂ ਕਿਹਾ ਕਿ ਝੋਨੇ ਦੀ ਖਰੀਦ ਵਿੱਚ ਆ ਰਹੀਆਂ ਮੁਸ਼ਕਲਾਂ, ਲਿਫਟਿੰਗ ਦੀ ਸਮੱਸਿਆ ਅਤੇ ਡੀਏਪੀ ਖਾਦ ਦੀ ਘਾਟ ਨੇ ਕਿਸਾਨਾਂ ਨੂੰ ਬੁਰੀ ਤਰ੍ਹਾਂ ਪ੍ਰੇਸ਼ਾਨ ਕੀਤਾ ਹੋਇਆ ਹੈ। ਮੰਡੀਆਂ ਵਿੱਚ ਕਿਸਾਨ ਕਈ ਕਈ ਦਿਨਾਂ ਤੋਂ ਆਪਣੀ ਫਸਲ ਲੈ ਕੇ ਬੈਠੇ ਹਨ ਪਰ ਕੋਈ ਸੁਣਵਾਈ ਨਹੀਂ ਹੋ ਰਹੀ। ਆਗੂਆਂ ਨੇ ਮੰਗ ਕੀਤੀ ਕਿ ਤੁਰੰਤ ਪ੍ਰਭਾਵ ਨਾਲ ਖਰੀਦ ਪ੍ਰਬੰਧ ਦਰੁਸਤ ਕੀਤੇ ਜਾਣ ਅਤੇ ਕਿਸਾਨਾਂ ਦੀ ਫਸਲ ਦਾ ਪੂਰਾ ਮੁੱਲ ਦਿੱਤਾ ਜਾਵੇ। ਉਨ੍ਹਾਂ ਇਹ ਵੀ ਕਿਹਾ ਕਿ ਜਦੋਂ ਤੱਕ ਮੰਗਾਂ ਨਹੀਂ ਮੰਨੀਆਂ ਜਾਂਦੀਆਂ ਉਦੋਂ ਤੱਕ ਧਰਨਾ ਜਾਰੀ ਰਹੇਗਾ। ਇਸ ਮੌਕੇ ਵੱਡੀ ਗਿਣਤੀ ਵਿੱਚ ਕਿਸਾਨ, ਮਜ਼ਦੂਰ ਅਤੇ ਔਰਤਾਂ ਹਾਜ਼ਰ ਸਨ ਜਿਨ੍ਹਾਂ ਨੇ ਸਰਕਾਰ ਵਿਰੁੱਧ ਨਾਅਰੇਬਾਜ਼ੀ ਕੀਤੀ ਅਤੇ ਸੰਘਰਸ਼ ਨੂੰ ਹੋਰ ਤਿੱਖਾ ਕਰਨ ਦਾ ਐਲਾਨ ਕੀਤਾ।
ਇਸ ਦੌਰਾਨ ਉਨ੍ਹਾਂ ਦੱਸਿਆ ਕਿ ਦਲ ਵੱਲੋਂ ਸਿੱਖ ਇਤਿਹਾਸ ਸਬੰਧੀ ਸੈਮੀਨਾਰ ਵੀ ਕਰਵਾਏ ਜਾਣਗੇ ਜਿਨ੍ਹਾਂ ਵਿੱਚ ਵਿਦਵਾਨ ਆਪਣੇ ਵਿਚਾਰ ਪੇਸ਼ ਕਰਨਗੇ। ਉਨ੍ਹਾਂ ਨੇ ਕਿਹਾ ਕਿ ਪੰਥਕ ਏਕਤਾ ਸਮੇਂ ਦੀ ਮੁੱਖ ਲੋੜ ਹੈ ਅਤੇ ਸਾਰੀਆਂ ਜਥੇਬੰਦੀਆਂ ਨੂੰ ਮਿਲ ਕੇ ਚੱਲਣਾ ਚਾਹੀਦਾ ਹੈ। ਇਸ ਮੌਕੇ ਸੰਗਤਾਂ ਨੂੰ ਸਿਰੋਪਾਓ ਦੇ ਕੇ ਸਨਮਾਨਿਤ ਵੀ ਕੀਤਾ ਗਿਆ।
Editor, Printer and Publisher Rishabdeep Singh, Printed at: Impression Printing & Packaging (Ltd.) Plot No. 22 Phase-2 industrial Area Panchkula (Haryana) 134109 & Published From 3223, First Floor, Sector-35D, Chandigarh
